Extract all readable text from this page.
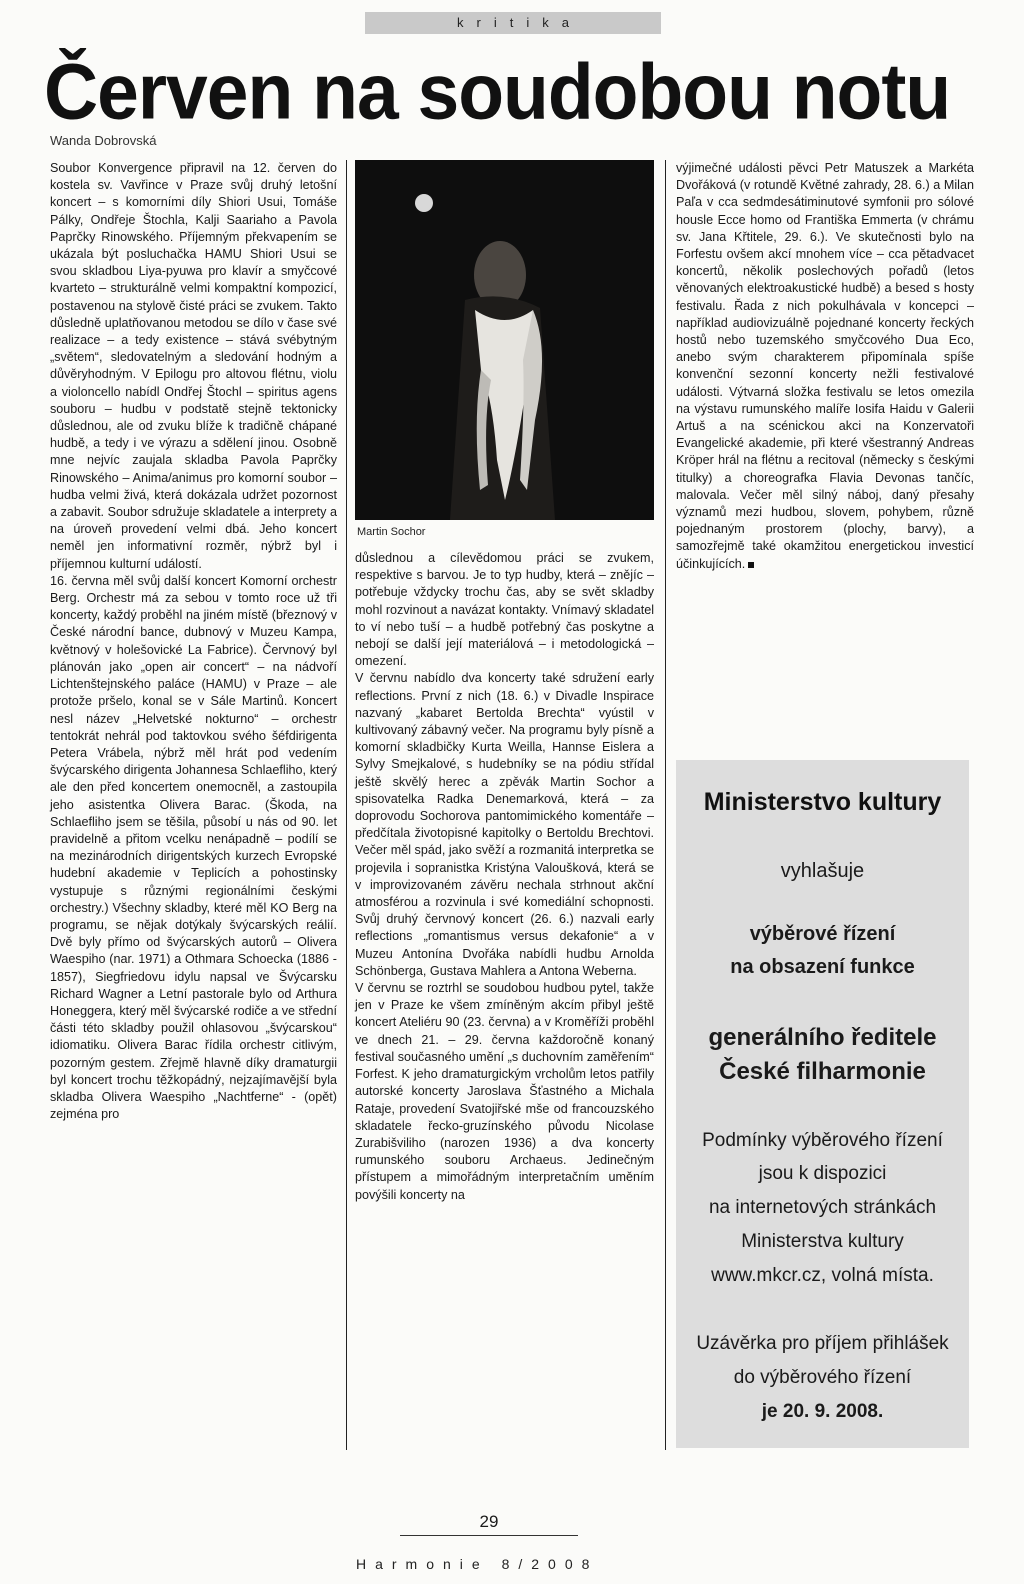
kritika
Červen na soudobou notu
Wanda Dobrovská

Soubor Konvergence připravil na 12. červen do kostela sv. Vavřince v Praze svůj druhý letošní koncert – s komorními díly Shiori Usui, Tomáše Pálky, Ondřeje Štochla, Kalji Saariaho a Pavola Paprčky Rinowského. Příjemným překvapením se ukázala být posluchačka HAMU Shiori Usui se svou skladbou Liya-pyuwa pro klavír a smyčcové kvarteto – strukturálně velmi kompaktní kompozicí, postavenou na stylově čisté práci se zvukem. Takto důsledně uplatňovanou metodou se dílo v čase své realizace – a tedy existence – stává svébytným „světem“, sledovatelným a sledování hodným a důvěryhodným. V Epilogu pro altovou flétnu, violu a violoncello nabídl Ondřej Štochl – spiritus agens souboru – hudbu v podstatě stejně tektonicky důslednou, ale od zvuku blíže k tradičně chápané hudbě, a tedy i ve výrazu a sdělení jinou. Osobně mne nejvíc zaujala skladba Pavola Paprčky Rinowského – Anima/animus pro komorní soubor – hudba velmi živá, která dokázala udržet pozornost a zabavit. Soubor sdružuje skladatele a interprety a na úroveň provedení velmi dbá. Jeho koncert neměl jen informativní rozměr, nýbrž byl i příjemnou kulturní událostí.

16. června měl svůj další koncert Komorní orchestr Berg. Orchestr má za sebou v tomto roce už tři koncerty, každý proběhl na jiném místě (březnový v České národní bance, dubnový v Muzeu Kampa, květnový v holešovické La Fabrice). Červnový byl plánován jako „open air concert“ – na nádvoří Lichtenštejnského paláce (HAMU) v Praze – ale protože pršelo, konal se v Sále Martinů. Koncert nesl název „Helvetské nokturno“ – orchestr tentokrát nehrál pod taktovkou svého šéfdirigenta Petera Vrábela, nýbrž měl hrát pod vedením švýcarského dirigenta Johannesa Schlaefliho, který ale den před koncertem onemocněl, a zastoupila jeho asistentka Olivera Barac. (Škoda, na Schlaefliho jsem se těšila, působí u nás od 90. let pravidelně a přitom vcelku nenápadně – podílí se na mezinárodních dirigentských kurzech Evropské hudební akademie v Teplicích a pohostinsky vystupuje s různými regionálními českými orchestry.) Všechny skladby, které měl KO Berg na programu, se nějak dotýkaly švýcarských reálií. Dvě byly přímo od švýcarských autorů – Olivera Waespiho (nar. 1971) a Othmara Schoecka (1886 - 1857), Siegfriedovu idylu napsal ve Švýcarsku Richard Wagner a Letní pastorale bylo od Arthura Honeggera, který měl švýcarské rodiče a ve střední části této skladby použil ohlasovou „švýcarskou“ idiomatiku. Olivera Barac řídila orchestr citlivým, pozorným gestem. Zřejmě hlavně díky dramaturgii byl koncert trochu těžkopádný, nejzajímavější byla skladba Olivera Waespiho „Nachtferne“ - (opět) zejména pro

Martin Sochor

důslednou a cílevědomou práci se zvukem, respektive s barvou. Je to typ hudby, která – znějíc – potřebuje vždycky trochu čas, aby se svět skladby mohl rozvinout a navázat kontakty. Vnímavý skladatel to ví nebo tuší – a hudbě potřebný čas poskytne a nebojí se další její materiálová – i metodologická – omezení.

V červnu nabídlo dva koncerty také sdružení early reflections. První z nich (18. 6.) v Divadle Inspirace nazvaný „kabaret Bertolda Brechta“ vyústil v kultivovaný zábavný večer. Na programu byly písně a komorní skladbičky Kurta Weilla, Hannse Eislera a Sylvy Smejkalové, s hudebníky se na pódiu střídal ještě skvělý herec a zpěvák Martin Sochor a spisovatelka Radka Denemarková, která – za doprovodu Sochorova pantomimického komentáře – předčítala životopisné kapitolky o Bertoldu Brechtovi. Večer měl spád, jako svěží a rozmanitá interpretka se projevila i sopranistka Kristýna Valoušková, která se v improvizovaném závěru nechala strhnout akční atmosférou a rozvinula i své komediální schopnosti. Svůj druhý červnový koncert (26. 6.) nazvali early reflections „romantismus versus dekafonie“ a v Muzeu Antonína Dvořáka nabídli hudbu Arnolda Schönberga, Gustava Mahlera a Antona Weberna.

V červnu se roztrhl se soudobou hudbou pytel, takže jen v Praze ke všem zmíněným akcím přibyl ještě koncert Ateliéru 90 (23. června) a v Kroměříži proběhl ve dnech 21. – 29. června každoročně konaný festival současného umění „s duchovním zaměřením“ Forfest. K jeho dramaturgickým vrcholům letos patřily autorské koncerty Jaroslava Šťastného a Michala Rataje, provedení Svatojiřské mše od francouzského skladatele řecko-gruzínského původu Nicolase Zurabišviliho (narozen 1936) a dva koncerty rumunského souboru Archaeus. Jedinečným přístupem a mimořádným interpretačním uměním povýšili koncerty na

výjimečné události pěvci Petr Matuszek a Markéta Dvořáková (v rotundě Květné zahrady, 28. 6.) a Milan Paľa v cca sedmdesátiminutové symfonii pro sólové housle Ecce homo od Františka Emmerta (v chrámu sv. Jana Křtitele, 29. 6.). Ve skutečnosti bylo na Forfestu ovšem akcí mnohem více – cca pětadvacet koncertů, několik poslechových pořadů (letos věnovaných elektroakustické hudbě) a besed s hosty festivalu. Řada z nich pokulhávala v koncepci – například audiovizuálně pojednané koncerty řeckých hostů nebo tuzemského smyčcového Dua Eco, anebo svým charakterem připomínala spíše konvenční sezonní koncerty nežli festivalové události. Výtvarná složka festivalu se letos omezila na výstavu rumunského malíře Iosifa Haidu v Galerii Artuš a na scénickou akci na Konzervatoři Evangelické akademie, při které všestranný Andreas Kröper hrál na flétnu a recitoval (německy s českými titulky) a choreografka Flavia Devonas tančíc, malovala. Večer měl silný náboj, daný přesahy významů mezi hudbou, slovem, pohybem, různě pojednaným prostorem (plochy, barvy), a samozřejmě také okamžitou energetickou investicí účinkujících.

Ministerstvo kultury
vyhlašuje
výběrové řízení
na obsazení funkce
generálního ředitele
České filharmonie
Podmínky výběrového řízení
jsou k dispozici
na internetových stránkách
Ministerstva kultury
www.mkcr.cz, volná místa.
Uzávěrka pro příjem přihlášek
do výběrového řízení
je 20. 9. 2008.
29
Harmonie 8/2008
